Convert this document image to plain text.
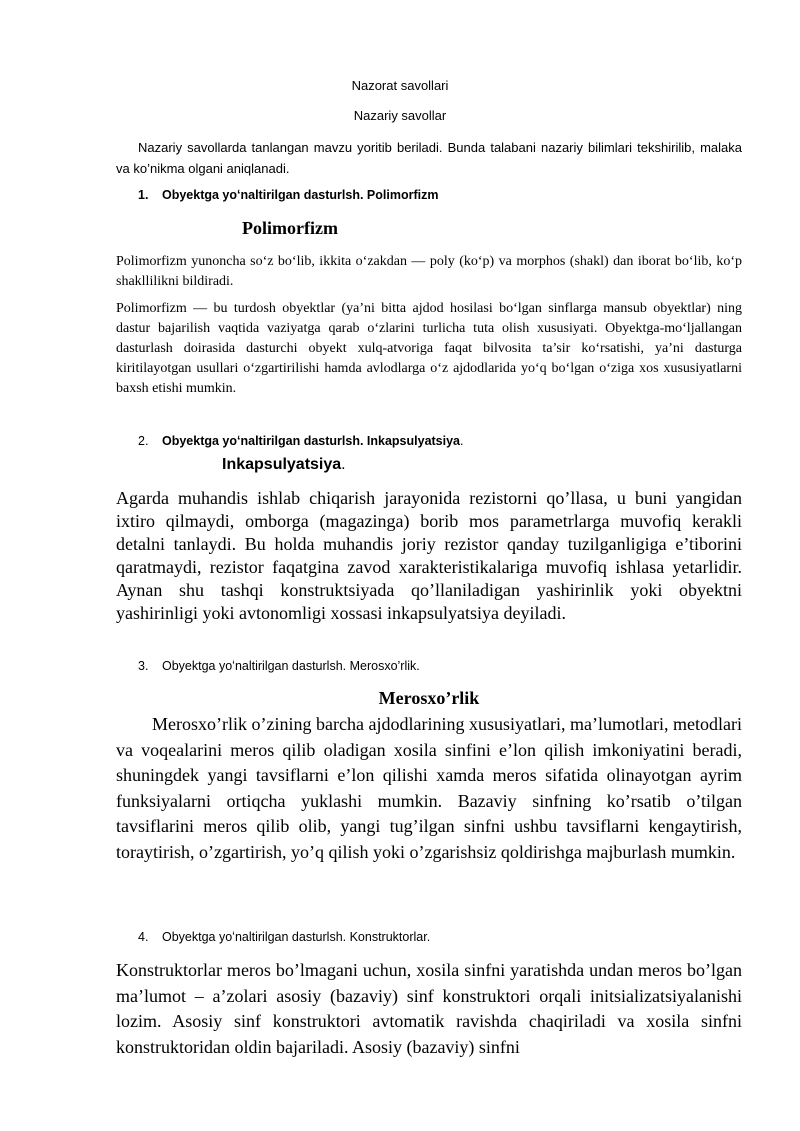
Nazorat savollari

Nazariy savollar

Nazariy savollarda tanlangan mavzu yoritib beriladi. Bunda talabani nazariy bilimlari tekshirilib, malaka va ko’nikma olgani aniqlanadi.

1. Obyektga yoʻnaltirilgan dasturlsh. Polimorfizm

Polimorfizm

Polimorfizm yunoncha soʻz boʻlib, ikkita oʻzakdan — poly (koʻp) va morphos (shakl) dan iborat boʻlib, koʻp shakllilikni bildiradi.

Polimorfizm — bu turdosh obyektlar (ya’ni bitta ajdod hosilasi boʻlgan sinflarga mansub obyektlar) ning dastur bajarilish vaqtida vaziyatga qarab oʻzlarini turlicha tuta olish xususiyati. Obyektga-moʻljallangan dasturlash doirasida dasturchi obyekt xulq-atvoriga faqat bilvosita ta’sir koʻrsatishi, ya’ni dasturga kiritilayotgan usullari oʻzgartirilishi hamda avlodlarga oʻz ajdodlarida yoʻq boʻlgan oʻziga xos xususiyatlarni baxsh etishi mumkin.

2. Obyektga yoʻnaltirilgan dasturlsh. Inkapsulyatsiya.

Inkapsulyatsiya.

Agarda muhandis ishlab chiqarish jarayonida rezistorni qo’llasa, u buni yangidan ixtiro qilmaydi, omborga (magazinga) borib mos parametrlarga muvofiq kerakli detalni tanlaydi. Bu holda muhandis joriy rezistor qanday tuzilganligiga e’tiborini qaratmaydi, rezistor faqatgina zavod xarakteristikalariga muvofiq ishlasa yetarlidir. Aynan shu tashqi konstruktsiyada qo’llaniladigan yashirinlik yoki obyektni yashirinligi yoki avtonomligi xossasi inkapsulyatsiya deyiladi.

3. Obyektga yoʻnaltirilgan dasturlsh. Merosxo’rlik.

Merosxo’rlik

Merosxo’rlik o’zining barcha ajdodlarining xususiyatlari, ma’lumotlari, metodlari va voqealarini meros qilib oladigan xosila sinfini e’lon qilish imkoniyatini beradi, shuningdek yangi tavsiflarni e’lon qilishi xamda meros sifatida olinayotgan ayrim funksiyalarni ortiqcha yuklashi mumkin. Bazaviy sinfning ko’rsatib o’tilgan tavsiflarini meros qilib olib, yangi tug’ilgan sinfni ushbu tavsiflarni kengaytirish, toraytirish, o’zgartirish, yo’q qilish yoki o’zgarishsiz qoldirishga majburlash mumkin.

4. Obyektga yoʻnaltirilgan dasturlsh. Konstruktorlar.

Konstruktorlar meros bo’lmagani uchun, xosila sinfni yaratishda undan meros bo’lgan ma’lumot – a’zolari asosiy (bazaviy) sinf konstruktori orqali initsializatsiyalanishi lozim. Asosiy sinf konstruktori avtomatik ravishda chaqiriladi va xosila sinfni konstruktoridan oldin bajariladi. Asosiy (bazaviy) sinfni
